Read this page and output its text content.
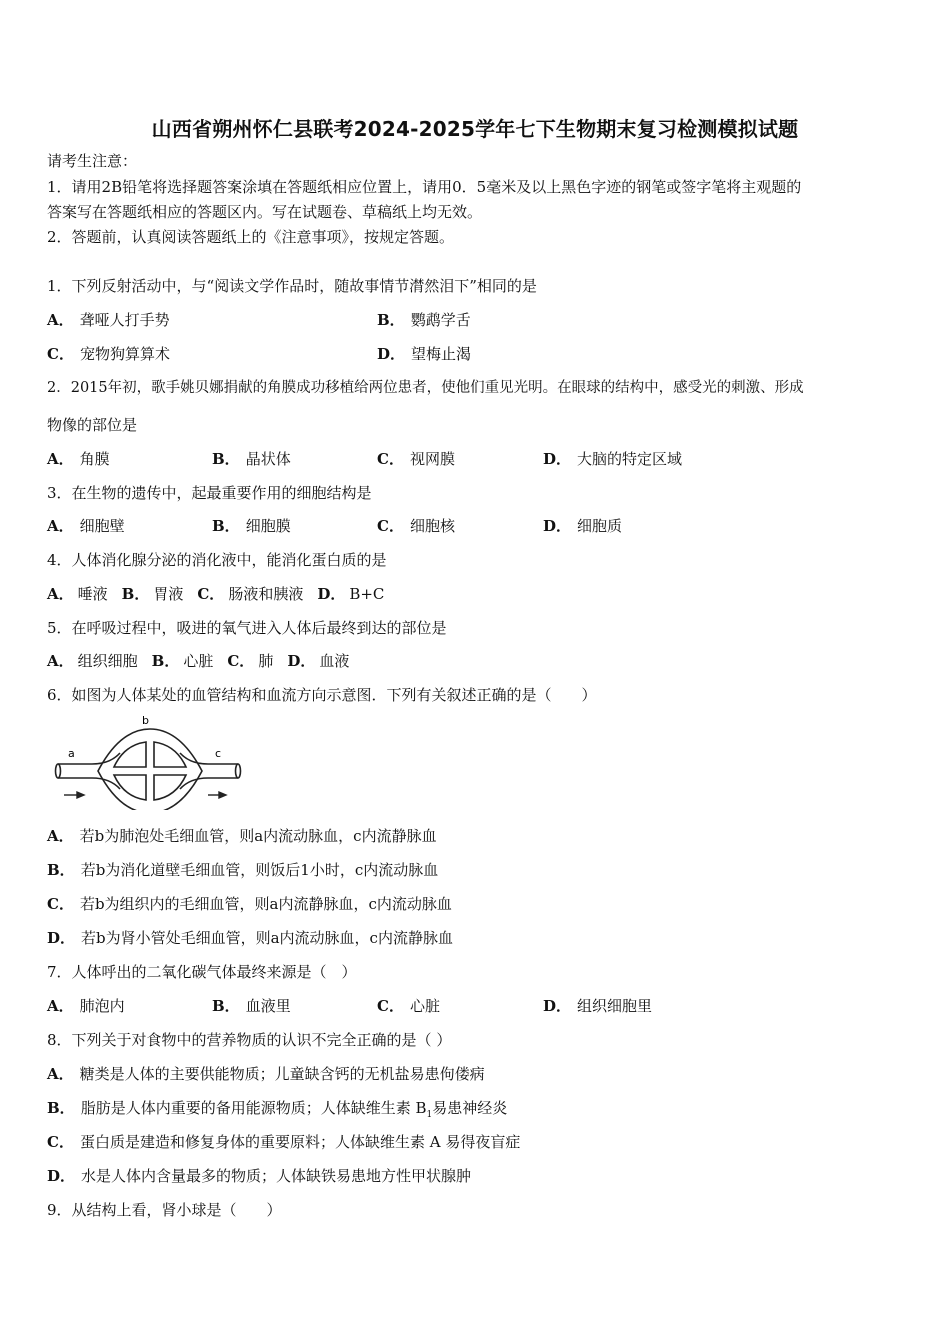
山西省朔州怀仁县联考2024-2025学年七下生物期末复习检测模拟试题
请考生注意：
1．请用2B铅笔将选择题答案涂填在答题纸相应位置上，请用0．5毫米及以上黑色字迹的钢笔或签字笔将主观题的
答案写在答题纸相应的答题区内。写在试题卷、草稿纸上均无效。
2．答题前，认真阅读答题纸上的《注意事项》，按规定答题。
1．下列反射活动中，与“阅读文学作品时，随故事情节潸然泪下”相同的是
A． 聋哑人打手势	B． 鹦鹉学舌
C． 宠物狗算算术	D． 望梅止渴
2．2015年初，歌手姚贝娜捐献的角膜成功移植给两位患者，使他们重见光明。在眼球的结构中，感受光的刺激、形成
物像的部位是
A． 角膜	B． 晶状体	C． 视网膜	D． 大脑的特定区域
3．在生物的遗传中，起最重要作用的细胞结构是
A． 细胞壁	B． 细胞膜	C． 细胞核	D． 细胞质
4．人体消化腺分泌的消化液中，能消化蛋白质的是
A． 唾液 B． 胃液 C． 肠液和胰液 D． B+C
5．在呼吸过程中，吸进的氧气进入人体后最终到达的部位是
A． 组织细胞 B． 心脏 C． 肺 D． 血液
6．如图为人体某处的血管结构和血流方向示意图．下列有关叙述正确的是（　　）
a
b
c
A． 若b为肺泡处毛细血管，则a内流动脉血，c内流静脉血
B． 若b为消化道壁毛细血管，则饭后1小时，c内流动脉血
C． 若b为组织内的毛细血管，则a内流静脉血，c内流动脉血
D． 若b为肾小管处毛细血管，则a内流动脉血，c内流静脉血
7．人体呼出的二氧化碳气体最终来源是（　）
A． 肺泡内	B． 血液里	C． 心脏	D． 组织细胞里
8．下列关于对食物中的营养物质的认识不完全正确的是（ ）
A． 糖类是人体的主要供能物质；儿童缺含钙的无机盐易患佝偻病
B． 脂肪是人体内重要的备用能源物质；人体缺维生素 $B_1$易患神经炎
C． 蛋白质是建造和修复身体的重要原料；人体缺维生素 A 易得夜盲症
D． 水是人体内含量最多的物质；人体缺铁易患地方性甲状腺肿
9．从结构上看，肾小球是（　　）
